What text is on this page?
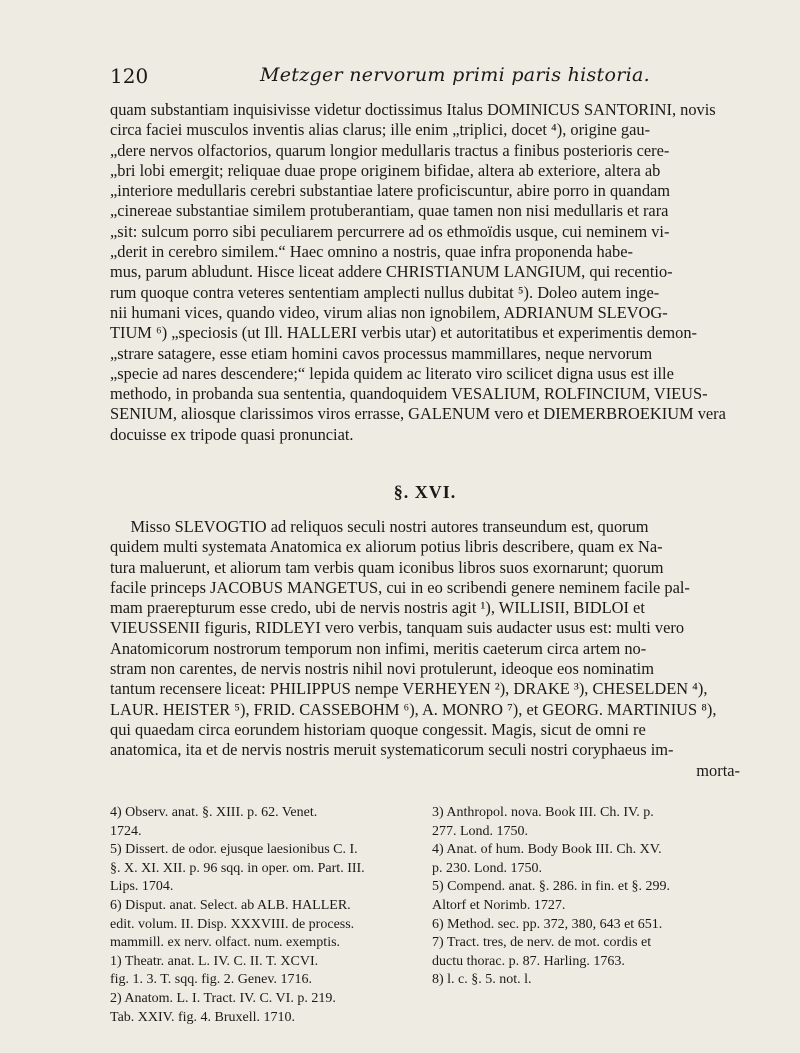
120	Metzger nervorum primi paris historia.
quam substantiam inquisivisse videtur doctissimus Italus DOMINICUS SANTORINI, novis
circa faciei musculos inventis alias clarus; ille enim „triplici, docet ⁴), origine gau-
„dere nervos olfactorios, quarum longior medullaris tractus a finibus posterioris cere-
„bri lobi emergit; reliquae duae prope originem bifidae, altera ab exteriore, altera ab
„interiore medullaris cerebri substantiae latere proficiscuntur, abire porro in quandam
„cinereae substantiae similem protuberantiam, quae tamen non nisi medullaris et rara
„sit: sulcum porro sibi peculiarem percurrere ad os ethmoïdis usque, cui neminem vi-
„derit in cerebro similem.“ Haec omnino a nostris, quae infra proponenda habe-
mus, parum abludunt. Hisce liceat addere CHRISTIANUM LANGIUM, qui recentio-
rum quoque contra veteres sententiam amplecti nullus dubitat ⁵). Doleo autem inge-
nii humani vices, quando video, virum alias non ignobilem, ADRIANUM SLEVOG-
TIUM ⁶) „speciosis (ut Ill. HALLERI verbis utar) et autoritatibus et experimentis demon-
„strare satagere, esse etiam homini cavos processus mammillares, neque nervorum
„specie ad nares descendere;“ lepida quidem ac literato viro scilicet digna usus est ille
methodo, in probanda sua sententia, quandoquidem VESALIUM, ROLFINCIUM, VIEUS-
SENIUM, aliosque clarissimos viros errasse, GALENUM vero et DIEMERBROEKIUM vera
docuisse ex tripode quasi pronunciat.
§. XVI.
Misso SLEVOGTIO ad reliquos seculi nostri autores transeundum est, quorum
quidem multi systemata Anatomica ex aliorum potius libris describere, quam ex Na-
tura maluerunt, et aliorum tam verbis quam iconibus libros suos exornarunt; quorum
facile princeps JACOBUS MANGETUS, cui in eo scribendi genere neminem facile pal-
mam praerepturum esse credo, ubi de nervis nostris agit ¹), WILLISII, BIDLOI et
VIEUSSENII figuris, RIDLEYI vero verbis, tanquam suis audacter usus est: multi vero
Anatomicorum nostrorum temporum non infimi, meritis caeterum circa artem no-
stram non carentes, de nervis nostris nihil novi protulerunt, ideoque eos nominatim
tantum recensere liceat: PHILIPPUS nempe VERHEYEN ²), DRAKE ³), CHESELDEN ⁴),
LAUR. HEISTER ⁵), FRID. CASSEBOHM ⁶), A. MONRO ⁷), et GEORG. MARTINIUS ⁸),
qui quaedam circa eorundem historiam quoque congessit. Magis, sicut de omni re
anatomica, ita et de nervis nostris meruit systematicorum seculi nostri coryphaeus im-
morta-
4) Observ. anat. §. XIII. p. 62. Venet.
1724.
5) Dissert. de odor. ejusque laesionibus C. I.
§. X. XI. XII. p. 96 sqq. in oper. om. Part. III.
Lips. 1704.
6) Disput. anat. Select. ab ALB. HALLER.
edit. volum. II. Disp. XXXVIII. de process.
mammill. ex nerv. olfact. num. exemptis.
1) Theatr. anat. L. IV. C. II. T. XCVI.
fig. 1. 3. T. sqq. fig. 2. Genev. 1716.
2) Anatom. L. I. Tract. IV. C. VI. p. 219.
Tab. XXIV. fig. 4. Bruxell. 1710.
3) Anthropol. nova. Book III. Ch. IV. p.
277. Lond. 1750.
4) Anat. of hum. Body Book III. Ch. XV.
p. 230. Lond. 1750.
5) Compend. anat. §. 286. in fin. et §. 299.
Altorf et Norimb. 1727.
6) Method. sec. pp. 372, 380, 643 et 651.
7) Tract. tres, de nerv. de mot. cordis et
ductu thorac. p. 87. Harling. 1763.
8) l. c. §. 5. not. l.
